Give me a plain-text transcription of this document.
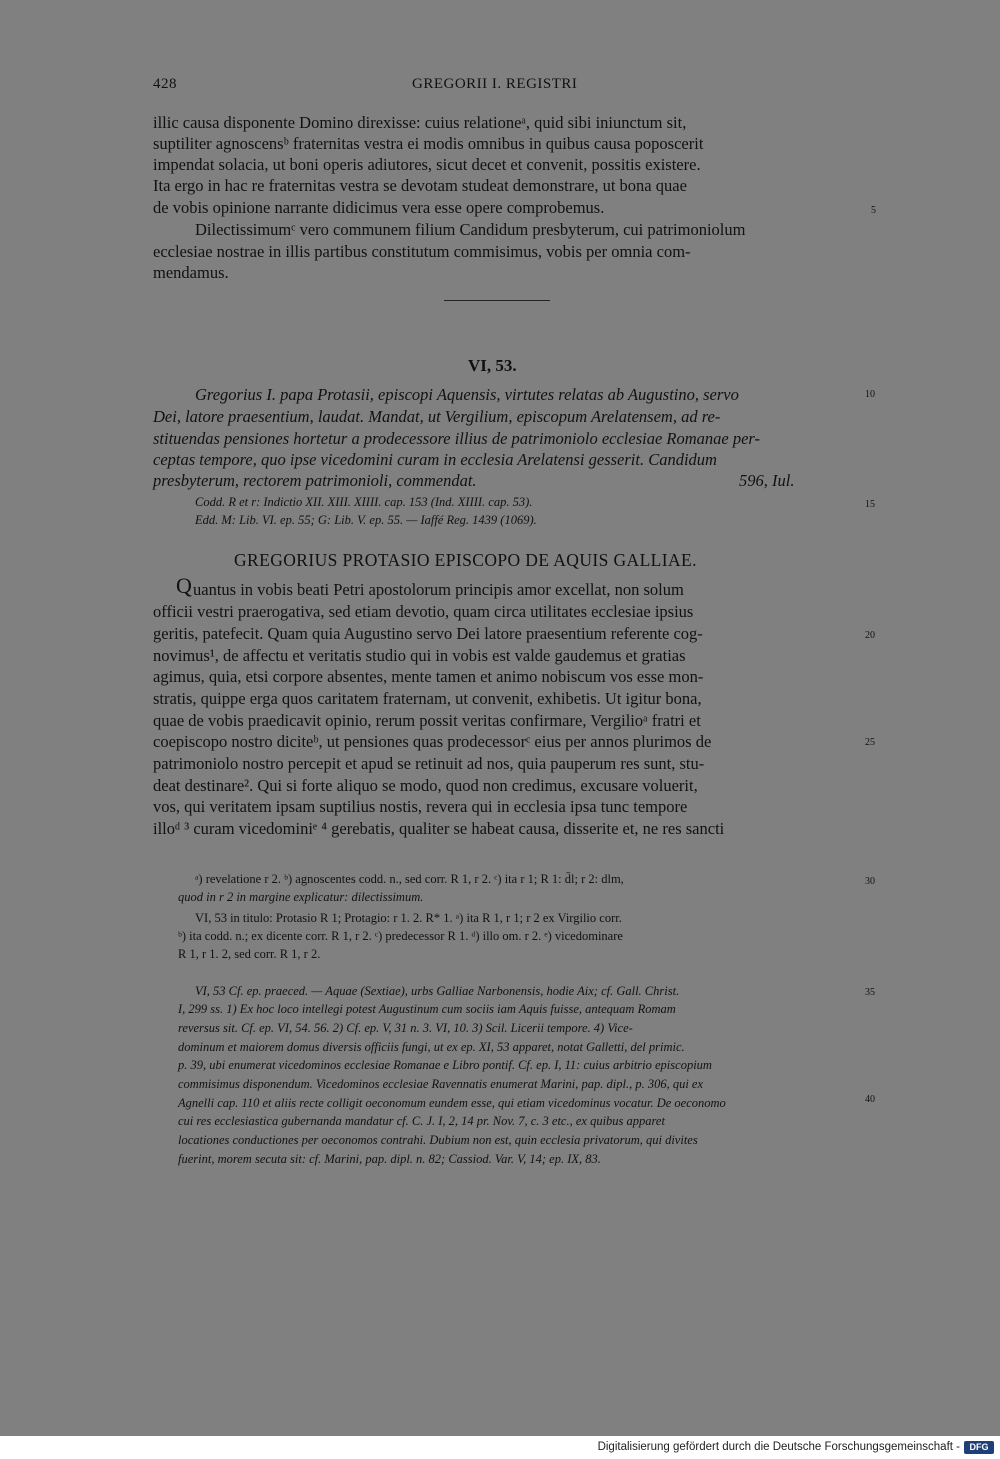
428	GREGORII I. REGISTRI
illic causa disponente Domino direxisse: cuius relationeᵃ, quid sibi iniunctum sit,
suptiliter agnoscensᵇ fraternitas vestra ei modis omnibus in quibus causa poposcerit
impendat solacia, ut boni operis adiutores, sicut decet et convenit, possitis existere.
Ita ergo in hac re fraternitas vestra se devotam studeat demonstrare, ut bona quae
de vobis opinione narrante didicimus vera esse opere comprobemus.
Dilectissimumᶜ vero communem filium Candidum presbyterum, cui patrimoniolum
ecclesiae nostrae in illis partibus constitutum commisimus, vobis per omnia com-
mendamus.
VI, 53.
Gregorius I. papa Protasii, episcopi Aquensis, virtutes relatas ab Augustino, servo
Dei, latore praesentium, laudat. Mandat, ut Vergilium, episcopum Arelatensem, ad re-
stituendas pensiones hortetur a prodecessore illius de patrimoniolo ecclesiae Romanae per-
ceptas tempore, quo ipse vicedomini curam in ecclesia Arelatensi gesserit. Candidum
presbyterum, rectorem patrimonioli, commendat.	596, Iul.
Codd. R et r: Indictio XII. XIII. XIIII. cap. 153 (Ind. XIIII. cap. 53).
Edd. M: Lib. VI. ep. 55; G: Lib. V. ep. 55. — Iaffé Reg. 1439 (1069).
GREGORIUS PROTASIO EPISCOPO DE AQUIS GALLIAE.
Q uantus in vobis beati Petri apostolorum principis amor excellat, non solum
officii vestri praerogativa, sed etiam devotio, quam circa utilitates ecclesiae ipsius
geritis, patefecit. Quam quia Augustino servo Dei latore praesentium referente cog-
novimus¹, de affectu et veritatis studio qui in vobis est valde gaudemus et gratias
agimus, quia, etsi corpore absentes, mente tamen et animo nobiscum vos esse mon-
stratis, quippe erga quos caritatem fraternam, ut convenit, exhibetis. Ut igitur bona,
quae de vobis praedicavit opinio, rerum possit veritas confirmare, Vergilioᵃ fratri et
coepiscopo nostro diciteᵇ, ut pensiones quas prodecessorᶜ eius per annos plurimos de
patrimoniolo nostro percepit et apud se retinuit ad nos, quia pauperum res sunt, stu-
deat destinare². Qui si forte aliquo se modo, quod non credimus, excusare voluerit,
vos, qui veritatem ipsam suptilius nostis, revera qui in ecclesia ipsa tunc tempore
illoᵈ ³ curam vicedominiᵉ ⁴ gerebatis, qualiter se habeat causa, disserite et, ne res sancti
ᵃ) revelatione r 2. ᵇ) agnoscentes codd. n., sed corr. R 1, r 2. ᶜ) ita r 1; R 1: d̄l; r 2: dlm,
quod in r 2 in margine explicatur: dilectissimum.
VI, 53 in titulo: Protasio R 1; Protagio: r 1. 2. R* 1. ᵃ) ita R 1, r 1; r 2 ex Virgilio corr.
ᵇ) ita codd. n.; ex dicente corr. R 1, r 2. ᶜ) predecessor R 1. ᵈ) illo om. r 2. ᵉ) vicedominare
R 1, r 1. 2, sed corr. R 1, r 2.
VI, 53 Cf. ep. praeced. — Aquae (Sextiae), urbs Galliae Narbonensis, hodie Aix; cf. Gall. Christ.
I, 299 ss. 1) Ex hoc loco intellegi potest Augustinum cum sociis iam Aquis fuisse, antequam Romam
reversus sit. Cf. ep. VI, 54. 56. 2) Cf. ep. V, 31 n. 3. VI, 10. 3) Scil. Licerii tempore. 4) Vice-
dominum et maiorem domus diversis officiis fungi, ut ex ep. XI, 53 apparet, notat Galletti, del primic.
p. 39, ubi enumerat vicedominos ecclesiae Romanae e Libro pontif. Cf. ep. I, 11: cuius arbitrio episcopium
commisimus disponendum. Vicedominos ecclesiae Ravennatis enumerat Marini, pap. dipl., p. 306, qui ex
Agnelli cap. 110 et aliis recte colligit oeconomum eundem esse, qui etiam vicedominus vocatur. De oeconomo
cui res ecclesiastica gubernanda mandatur cf. C. J. I, 2, 14 pr. Nov. 7, c. 3 etc., ex quibus apparet
locationes conductiones per oeconomos contrahi. Dubium non est, quin ecclesia privatorum, qui divites
fuerint, morem secuta sit: cf. Marini, pap. dipl. n. 82; Cassiod. Var. V, 14; ep. IX, 83.
5
10
15
20
25
30
35
40
Digitalisierung gefördert durch die Deutsche Forschungsgemeinschaft -	DFG
